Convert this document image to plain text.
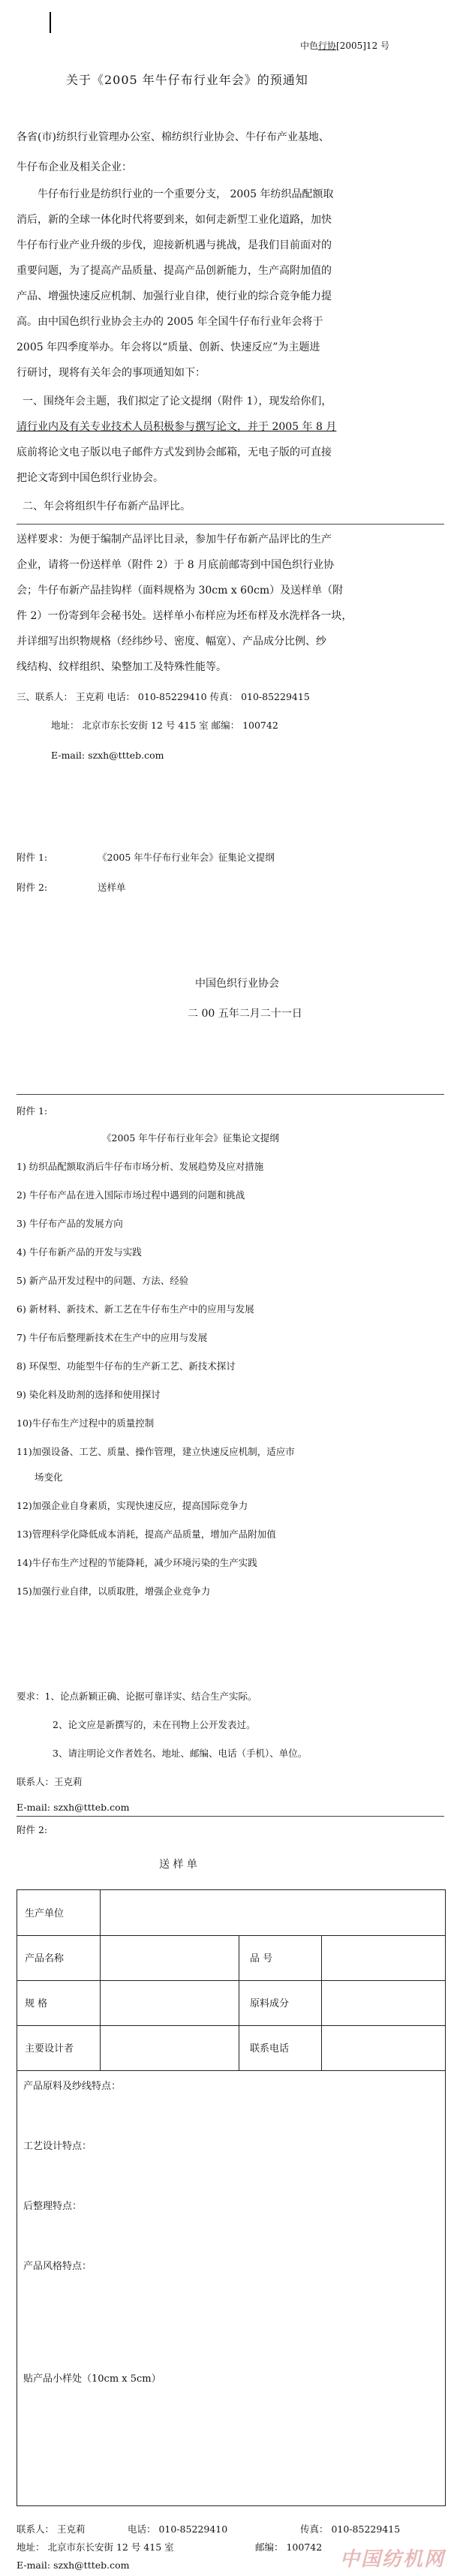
中色行协[2005]12 号
关于《2005 年牛仔布行业年会》的预通知
各省(市)纺织行业管理办公室、棉纺织行业协会、牛仔布产业基地、
牛仔布企业及相关企业：
牛仔布行业是纺织行业的一个重要分支， 2005 年纺织品配额取
消后，新的全球一体化时代将要到来，如何走新型工业化道路，加快
牛仔布行业产业升级的步伐，迎接新机遇与挑战，是我们目前面对的
重要问题，为了提高产品质量、提高产品创新能力，生产高附加值的
产品、增强快速反应机制、加强行业自律，使行业的综合竞争能力提
高。由中国色织行业协会主办的 2005 年全国牛仔布行业年会将于
2005 年四季度举办。年会将以“质量、创新、快速反应”为主题进
行研讨，现将有关年会的事项通知如下：
一、围绕年会主题，我们拟定了论文提纲（附件 1），现发给你们，
请行业内及有关专业技术人员积极参与撰写论文，并于 2005 年 8 月
底前将论文电子版以电子邮件方式发到协会邮箱，无电子版的可直接
把论文寄到中国色织行业协会。
二、年会将组织牛仔布新产品评比。
送样要求：为便于编制产品评比目录，参加牛仔布新产品评比的生产
企业，请将一份送样单（附件 2）于 8 月底前邮寄到中国色织行业协
会；牛仔布新产品挂钩样（面料规格为 30cm x 60cm）及送样单（附
件 2）一份寄到年会秘书处。送样单小布样应为坯布样及水洗样各一块，
并详细写出织物规格（经纬纱号、密度、幅宽）、产品成分比例、纱
线结构、纹样组织、染整加工及特殊性能等。
三、联系人： 王克莉 电话： 010-85229410 传真： 010-85229415
地址： 北京市东长安街 12 号 415 室 邮编： 100742
E-mail: szxh@ttteb.com
附件 1:	《2005 年牛仔布行业年会》征集论文提纲
附件 2:	送样单
中国色织行业协会
二 00 五年二月二十一日
附件 1:
《2005 年牛仔布行业年会》征集论文提纲
1) 纺织品配额取消后牛仔布市场分析、发展趋势及应对措施
2) 牛仔布产品在进入国际市场过程中遇到的问题和挑战
3) 牛仔布产品的发展方向
4) 牛仔布新产品的开发与实践
5) 新产品开发过程中的问题、方法、经验
6) 新材料、新技术、新工艺在牛仔布生产中的应用与发展
7) 牛仔布后整理新技术在生产中的应用与发展
8) 环保型、功能型牛仔布的生产新工艺、新技术探讨
9) 染化料及助剂的选择和使用探讨
10)牛仔布生产过程中的质量控制
11)加强设备、工艺、质量、操作管理，建立快速反应机制，适应市
场变化
12)加强企业自身素质，实现快速反应，提高国际竞争力
13)管理科学化降低成本消耗，提高产品质量，增加产品附加值
14)牛仔布生产过程的节能降耗，减少环境污染的生产实践
15)加强行业自律，以质取胜，增强企业竞争力
要求：1、论点新颖正确、论据可靠详实、结合生产实际。
2、论文应是新撰写的，未在刊物上公开发表过。
3、请注明论文作者姓名、地址、邮编、电话（手机）、单位。
联系人：王克莉
E-mail: szxh@ttteb.com
附件 2:
送 样 单
生产单位
产品名称	品 号
规 格	原料成分
主要设计者	联系电话
产品原料及纱线特点：
工艺设计特点：
后整理特点：
产品风格特点：
贴产品小样处（10cm x 5cm）
联系人： 王克莉	电话： 010-85229410	传真： 010-85229415
地址： 北京市东长安街 12 号 415 室	邮编： 100742
E-mail: szxh@ttteb.com	中国纺机网
